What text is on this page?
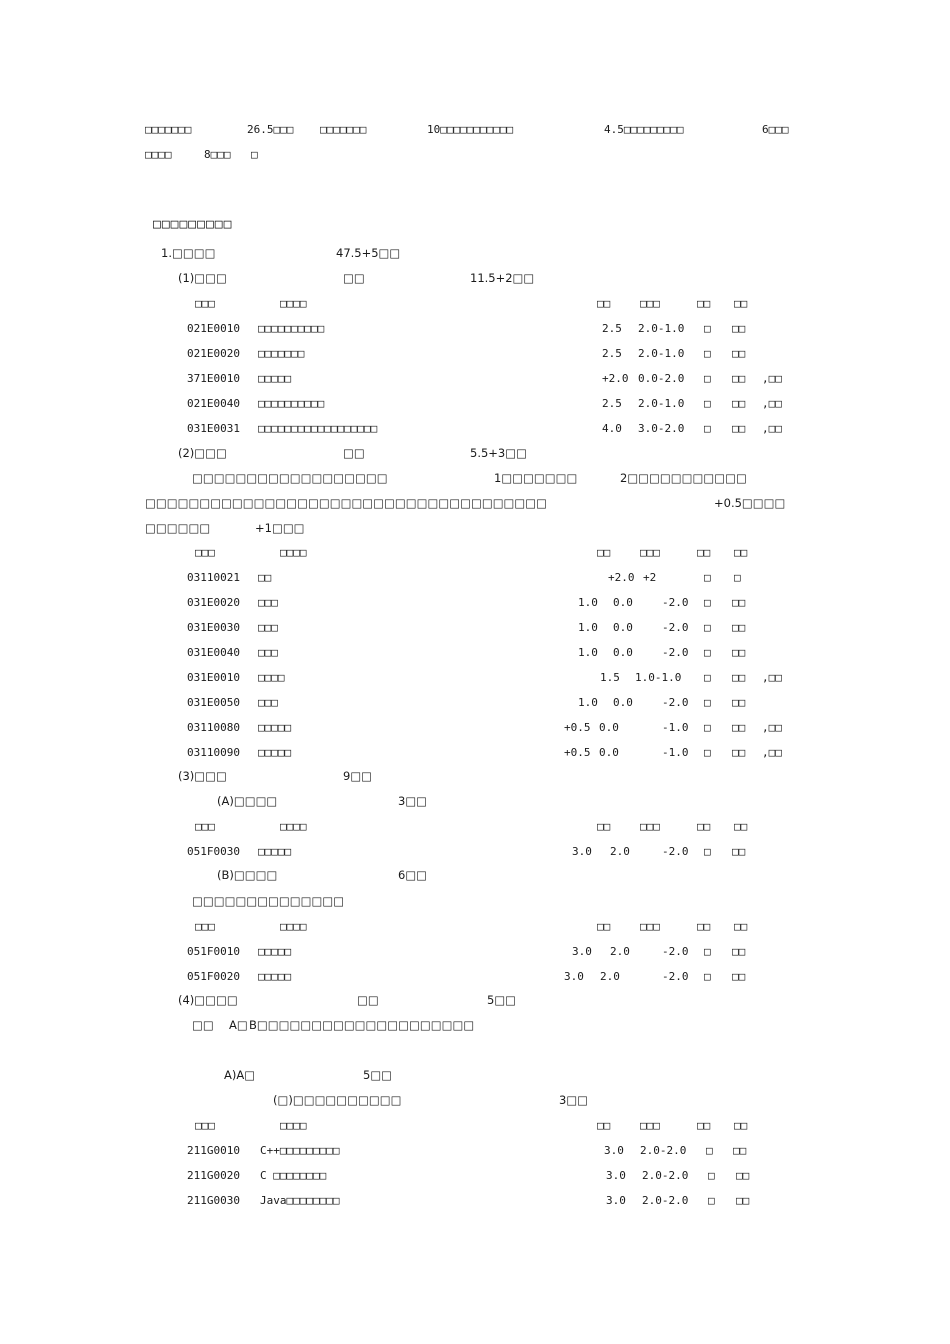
□□□□□□□	26.5□□□ □□□□□□□	10□□□□□□□□□□□	4.5□□□□□□□□□	6□□□
□□□□	8□□□ □
□□□□□□□□□
1.□□□□	47.5+5□□
(1)□□□	□□	11.5+2□□
□□□	□□□□	□□	□□□	□□ □□
021E0010 □□□□□□□□□□	2.5 2.0-1.0 □ □□
021E0020 □□□□□□□	2.5 2.0-1.0 □ □□
371E0010 □□□□□	+2.0 0.0-2.0 □ □□ ,□□
021E0040 □□□□□□□□□□	2.5 2.0-1.0 □ □□ ,□□
031E0031 □□□□□□□□□□□□□□□□□□	4.0 3.0-2.0 □ □□ ,□□
(2)□□□	□□	5.5+3□□
□□□□□□□□□□□□□□□□□□	1□□□□□□□	2□□□□□□□□□□□
□□□□□□□□□□□□□□□□□□□□□□□□□□□□□□□□□□□□□	+0.5□□□□
□□□□□□	+1□□□
□□□	□□□□	□□	□□□	□□ □□
03110021 □□	+2.0 +2	□ □
031E0020 □□□	1.0 0.0	-2.0 □ □□
031E0030 □□□	1.0 0.0	-2.0 □ □□
031E0040 □□□	1.0 0.0	-2.0 □ □□
031E0010 □□□□	1.5 1.0-1.0 □ □□ ,□□
031E0050 □□□	1.0 0.0	-2.0 □ □□
03110080 □□□□□	+0.5 0.0	-1.0 □ □□ ,□□
03110090 □□□□□	+0.5 0.0	-1.0 □ □□ ,□□
(3)□□□	9□□
(A)□□□□	3□□
□□□	□□□□	□□	□□□	□□ □□
051F0030 □□□□□	3.0 2.0	-2.0 □ □□
(B)□□□□	6□□
□□□□□□□□□□□□□□
□□□	□□□□	□□	□□□	□□ □□
051F0010 □□□□□	3.0 2.0	-2.0 □ □□
051F0020 □□□□□	3.0 2.0	-2.0 □ □□
(4)□□□□	□□	5□□
□□ A□ B□□□□□□□□□□□□□□□□□□□□
A)A□	5□□
(□)□□□□□□□□□□	3□□
□□□	□□□□	□□	□□□	□□ □□
211G0010 C++□□□□□□□□□	3.0 2.0-2.0 □ □□
211G0020 C □□□□□□□□	3.0 2.0-2.0 □ □□
211G0030 Java□□□□□□□□	3.0 2.0-2.0 □ □□
